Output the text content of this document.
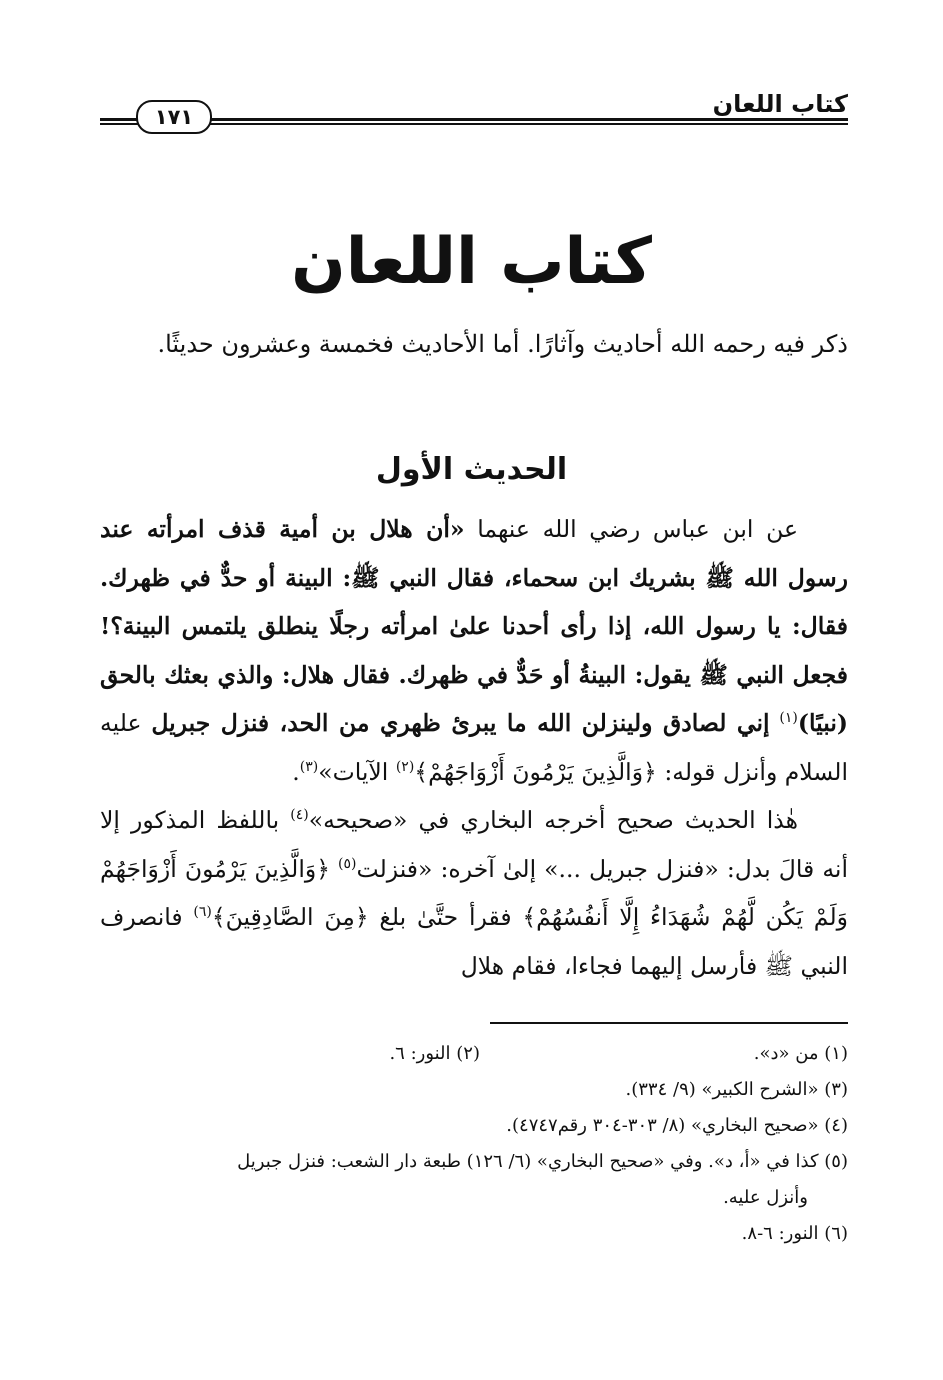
كتاب اللعان
١٧١
كتاب اللعان
ذكر فيه رحمه الله أحاديث وآثارًا. أما الأحاديث فخمسة وعشرون حديثًا.
الحديث الأول

عن ابن عباس رضي الله عنهما «أن هلال بن أمية قذف امرأته عند رسول الله ﷺ بشريك ابن سحماء، فقال النبي ﷺ: البينة أو حدٌّ في ظهرك. فقال: يا رسول الله، إذا رأى أحدنا علىٰ امرأته رجلًا ينطلق يلتمس البينة؟! فجعل النبي ﷺ يقول: البينةُ أو حَدٌّ في ظهرك. فقال هلال: والذي بعثك بالحق (نبيًا)$^{(١)}$ إني لصادق ولينزلن الله ما يبرئ ظهري من الحد، فنزل جبريل عليه السلام وأنزل قوله: ﴿وَالَّذِينَ يَرْمُونَ أَزْوَاجَهُمْ﴾$^{(٢)}$ الآيات»$^{(٣)}$.

هٰذا الحديث صحيح أخرجه البخاري في «صحيحه»$^{(٤)}$ باللفظ المذكور إلا أنه قالَ بدل: «فنزل جبريل ...» إلىٰ آخره: «فنزلت$^{(٥)}$ ﴿وَالَّذِينَ يَرْمُونَ أَزْوَاجَهُمْ وَلَمْ يَكُن لَّهُمْ شُهَدَاءُ إِلَّا أَنفُسُهُمْ﴾ فقرأ حتَّىٰ بلغ ﴿مِنَ الصَّادِقِينَ﴾$^{(٦)}$ فانصرف النبي ﷺ فأرسل إليهما فجاءا، فقام هلال

(١) من «د».
(٢) النور: ٦.
(٣) «الشرح الكبير» (٩/ ٣٣٤).
(٤) «صحيح البخاري» (٨/ ٣٠٣-٣٠٤ رقم٤٧٤٧).
(٥) كذا في «أ، د». وفي «صحيح البخاري» (٦/ ١٢٦) طبعة دار الشعب: فنزل جبريل
وأنزل عليه.
(٦) النور: ٦-٨.
